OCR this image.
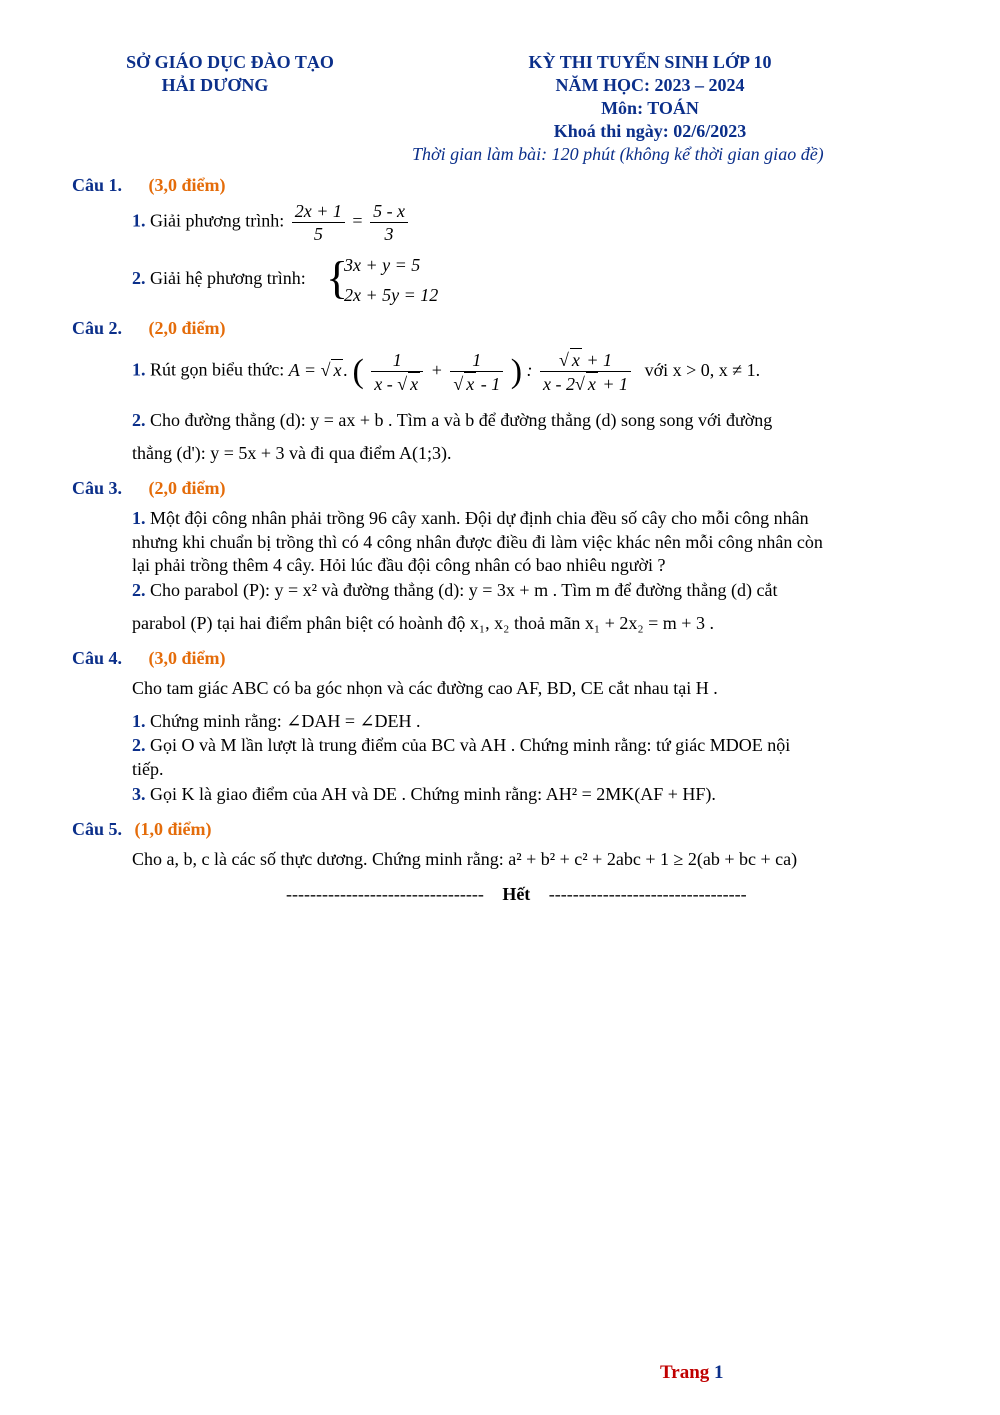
SỞ GIÁO DỤC ĐÀO TẠO
HẢI DƯƠNG
KỲ THI TUYỂN SINH LỚP 10
NĂM HỌC: 2023 – 2024
Môn: TOÁN
Khoá thi ngày: 02/6/2023
Thời gian làm bài: 120 phút (không kể thời gian giao đề)
Câu 1. (3,0 điểm)
1. Giải phương trình: $\frac{2x + 1}{5} = \frac{5 - x}{3}$
2. Giải hệ phương trình: {
3x + y = 5
2x + 5y = 12
Câu 2. (2,0 điểm)
1. Rút gọn biểu thức: A = √ x . ( $\frac{1}{x - √ x} + \frac{1}{√ x - 1}$ ) : $\frac{√ x + 1}{x - 2√ x + 1}$ với x > 0, x ≠ 1.
2. Cho đường thẳng (d): y = ax + b . Tìm a và b để đường thẳng (d) song song với đường
thẳng (d'): y = 5x + 3 và đi qua điểm A(1;3).
Câu 3. (2,0 điểm)
1. Một đội công nhân phải trồng 96 cây xanh. Đội dự định chia đều số cây cho mỗi công nhân
nhưng khi chuẩn bị trồng thì có 4 công nhân được điều đi làm việc khác nên mỗi công nhân còn
lại phải trồng thêm 4 cây. Hỏi lúc đầu đội công nhân có bao nhiêu người ?
2. Cho parabol (P): y = x² và đường thẳng (d): y = 3x + m . Tìm m để đường thẳng (d) cắt
parabol (P) tại hai điểm phân biệt có hoành độ x₁, x₂ thoả mãn x₁ + 2x₂ = m + 3 .
Câu 4. (3,0 điểm)
Cho tam giác ABC có ba góc nhọn và các đường cao AF, BD, CE cắt nhau tại H .
1. Chứng minh rằng: ∠DAH = ∠DEH .
2. Gọi O và M lần lượt là trung điểm của BC và AH . Chứng minh rằng: tứ giác MDOE nội
tiếp.
3. Gọi K là giao điểm của AH và DE . Chứng minh rằng: AH² = 2MK(AF + HF).
Câu 5. (1,0 điểm)
Cho a, b, c là các số thực dương. Chứng minh rằng: a² + b² + c² + 2abc + 1 ≥ 2(ab + bc + ca)
--------------------------------- Hết ---------------------------------
Trang 1
